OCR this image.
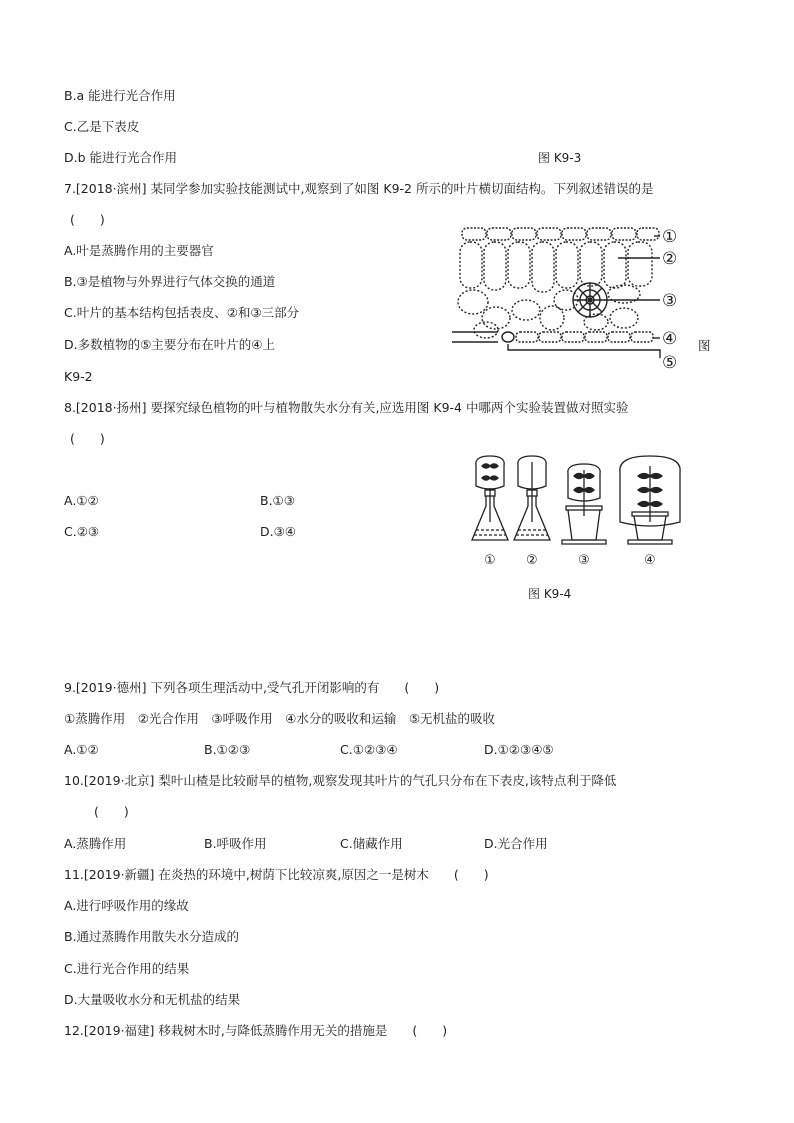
B.a 能进行光合作用
C.乙是下表皮
D.b 能进行光合作用	图 K9-3
7.[2018·滨州] 某同学参加实验技能测试中,观察到了如图 K9-2 所示的叶片横切面结构。下列叙述错误的是
(　　)
A.叶是蒸腾作用的主要器官
B.③是植物与外界进行气体交换的通道
C.叶片的基本结构包括表皮、②和③三部分
D.多数植物的⑤主要分布在叶片的④上	图
K9-2
①
②
③
④
⑤
8.[2018·扬州] 要探究绿色植物的叶与植物散失水分有关,应选用图 K9-4 中哪两个实验装置做对照实验
(　　)
A.①②	B.①③
C.②③	D.③④
① ②	③	④
图 K9-4
9.[2019·德州] 下列各项生理活动中,受气孔开闭影响的有　　(　　)
①蒸腾作用　②光合作用　③呼吸作用　④水分的吸收和运输　⑤无机盐的吸收
A.①②	B.①②③	C.①②③④	D.①②③④⑤
10.[2019·北京] 梨叶山楂是比较耐旱的植物,观察发现其叶片的气孔只分布在下表皮,该特点利于降低
(　　)
A.蒸腾作用	B.呼吸作用	C.储藏作用	D.光合作用
11.[2019·新疆] 在炎热的环境中,树荫下比较凉爽,原因之一是树木　　(　　)
A.进行呼吸作用的缘故
B.通过蒸腾作用散失水分造成的
C.进行光合作用的结果
D.大量吸收水分和无机盐的结果
12.[2019·福建] 移栽树木时,与降低蒸腾作用无关的措施是　　(　　)
